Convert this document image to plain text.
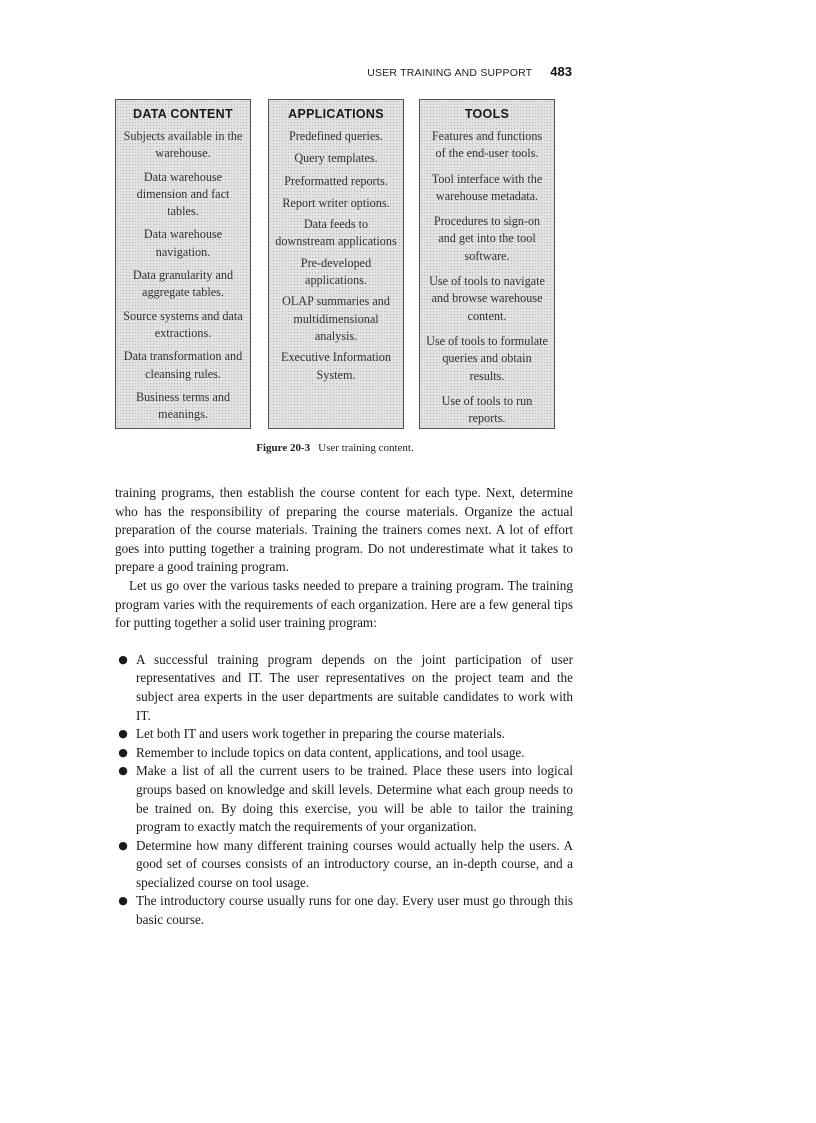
USER TRAINING AND SUPPORT 483
DATA CONTENT
Subjects available in the warehouse.
Data warehouse dimension and fact tables.
Data warehouse navigation.
Data granularity and aggregate tables.
Source systems and data extractions.
Data transformation and cleansing rules.
Business terms and meanings.
APPLICATIONS
Predefined queries.
Query templates.
Preformatted reports.
Report writer options.
Data feeds to downstream applications
Pre-developed applications.
OLAP summaries and multidimensional analysis.
Executive Information System.
TOOLS
Features and functions of the end-user tools.
Tool interface with the warehouse metadata.
Procedures to sign-on and get into the tool software.
Use of tools to navigate and browse warehouse content.
Use of tools to formulate queries and obtain results.
Use of tools to run reports.
Figure 20-3 User training content.

training programs, then establish the course content for each type. Next, determine who has the responsibility of preparing the course materials. Organize the actual preparation of the course materials. Training the trainers comes next. A lot of effort goes into putting together a training program. Do not underestimate what it takes to prepare a good training program.

Let us go over the various tasks needed to prepare a training program. The training program varies with the requirements of each organization. Here are a few general tips for putting together a solid user training program:

● A successful training program depends on the joint participation of user representatives and IT. The user representatives on the project team and the subject area experts in the user departments are suitable candidates to work with IT.
● Let both IT and users work together in preparing the course materials.
● Remember to include topics on data content, applications, and tool usage.
● Make a list of all the current users to be trained. Place these users into logical groups based on knowledge and skill levels. Determine what each group needs to be trained on. By doing this exercise, you will be able to tailor the training program to exactly match the requirements of your organization.
● Determine how many different training courses would actually help the users. A good set of courses consists of an introductory course, an in-depth course, and a specialized course on tool usage.
● The introductory course usually runs for one day. Every user must go through this basic course.
